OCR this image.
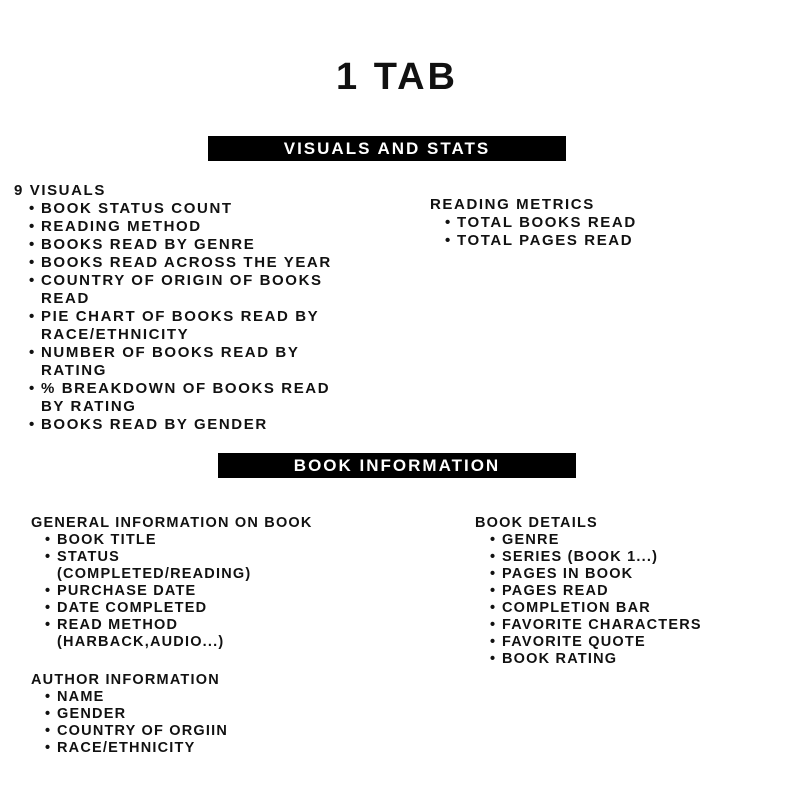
1 TAB
VISUALS AND STATS
9 VISUALS
• BOOK STATUS COUNT
• READING METHOD
• BOOKS READ BY GENRE
• BOOKS READ ACROSS THE YEAR
• COUNTRY OF ORIGIN OF BOOKS READ
• PIE CHART OF BOOKS READ BY RACE/ETHNICITY
• NUMBER OF BOOKS READ BY RATING
• % BREAKDOWN OF BOOKS READ BY RATING
• BOOKS READ BY GENDER
READING METRICS
• TOTAL BOOKS READ
• TOTAL PAGES READ
BOOK INFORMATION
GENERAL INFORMATION ON BOOK
• BOOK TITLE
• STATUS (COMPLETED/READING)
• PURCHASE DATE
• DATE COMPLETED
• READ METHOD (HARBACK,AUDIO...)
BOOK DETAILS
• GENRE
• SERIES (BOOK 1...)
• PAGES IN BOOK
• PAGES READ
• COMPLETION BAR
• FAVORITE CHARACTERS
• FAVORITE QUOTE
• BOOK RATING
AUTHOR INFORMATION
• NAME
• GENDER
• COUNTRY OF ORGIIN
• RACE/ETHNICITY
